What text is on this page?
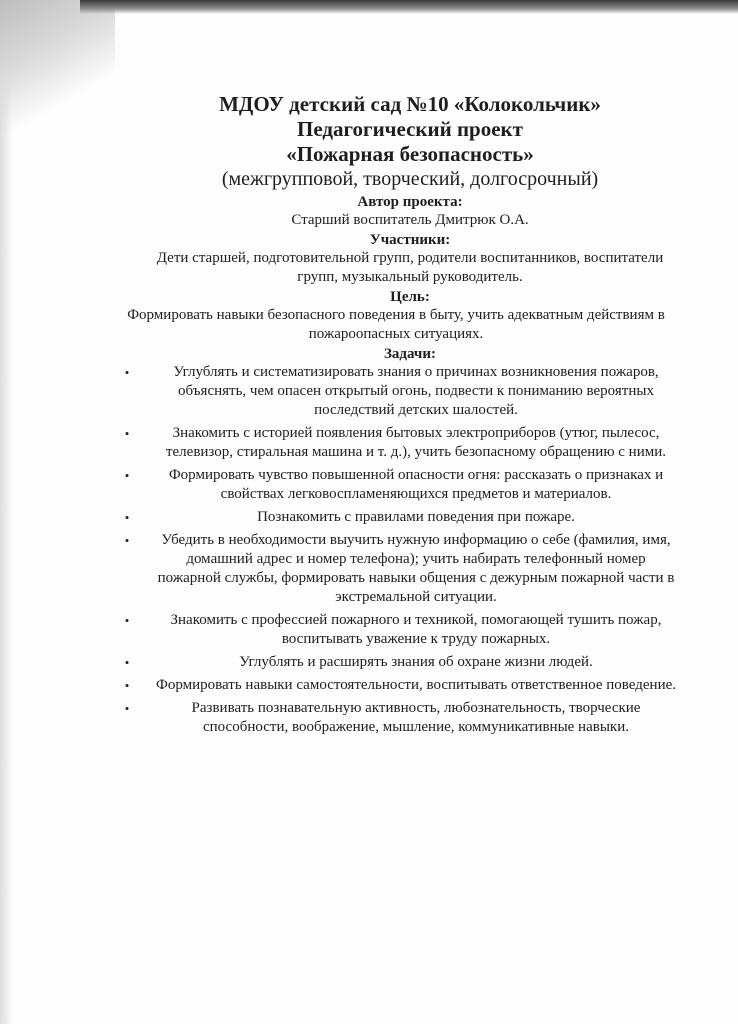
МДОУ детский сад №10 «Колокольчик»

Педагогический проект

«Пожарная безопасность»

(межгрупповой, творческий, долгосрочный)

Автор проекта:

Старший воспитатель Дмитрюк О.А.

Участники:

Дети старшей, подготовительной групп, родители воспитанников, воспитатели групп, музыкальный руководитель.

Цель:

Формировать навыки безопасного поведения в быту, учить адекватным действиям в пожароопасных ситуациях.

Задачи:

•	Углублять и систематизировать знания о причинах возникновения пожаров, объяснять, чем опасен открытый огонь, подвести к пониманию вероятных последствий детских шалостей.
•	Знакомить с историей появления бытовых электроприборов (утюг, пылесос, телевизор, стиральная машина и т. д.), учить безопасному обращению с ними.
•	Формировать чувство повышенной опасности огня: рассказать о признаках и свойствах легковоспламеняющихся предметов и материалов.
•	Познакомить с правилами поведения при пожаре.
•	Убедить в необходимости выучить нужную информацию о себе (фамилия, имя, домашний адрес и номер телефона); учить набирать телефонный номер пожарной службы, формировать навыки общения с дежурным пожарной части в экстремальной ситуации.
•	Знакомить с профессией пожарного и техникой, помогающей тушить пожар, воспитывать уважение к труду пожарных.
•	Углублять и расширять знания об охране жизни людей.
•	Формировать навыки самостоятельности, воспитывать ответственное поведение.
•	Развивать познавательную активность, любознательность, творческие способности, воображение, мышление, коммуникативные навыки.
